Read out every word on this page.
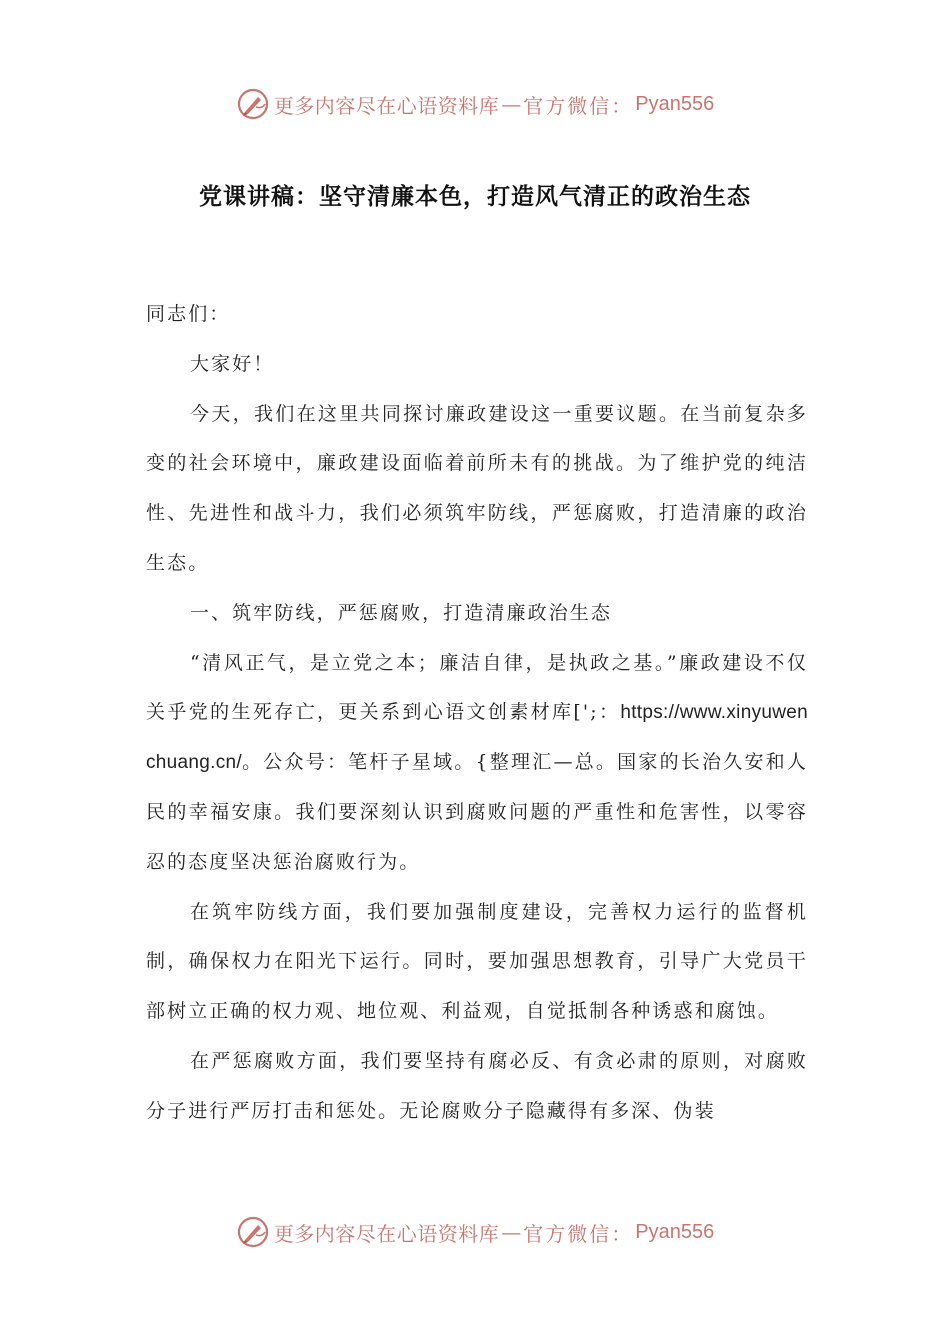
更多内容尽在心语资料库 — 官方微信： Pyan556
党课讲稿：坚守清廉本色，打造风气清正的政治生态

同志们：

大家好！

今天，我们在这里共同探讨廉政建设这一重要议题。在当前复杂多变的社会环境中，廉政建设面临着前所未有的挑战。为了维护党的纯洁性、先进性和战斗力，我们必须筑牢防线，严惩腐败，打造清廉的政治生态。

一、筑牢防线，严惩腐败，打造清廉政治生态

“清风正气，是立党之本；廉洁自律，是执政之基。”廉政建设不仅关乎党的生死存亡，更关系到心语文创素材库[';：https://www.xinyuwenchuang.cn/。公众号：笔杆子星域。{整理汇—总。国家的长治久安和人民的幸福安康。我们要深刻认识到腐败问题的严重性和危害性，以零容忍的态度坚决惩治腐败行为。

在筑牢防线方面，我们要加强制度建设，完善权力运行的监督机制，确保权力在阳光下运行。同时，要加强思想教育，引导广大党员干部树立正确的权力观、地位观、利益观，自觉抵制各种诱惑和腐蚀。

在严惩腐败方面，我们要坚持有腐必反、有贪必肃的原则，对腐败分子进行严厉打击和惩处。无论腐败分子隐藏得有多深、伪装

更多内容尽在心语资料库 — 官方微信： Pyan556
